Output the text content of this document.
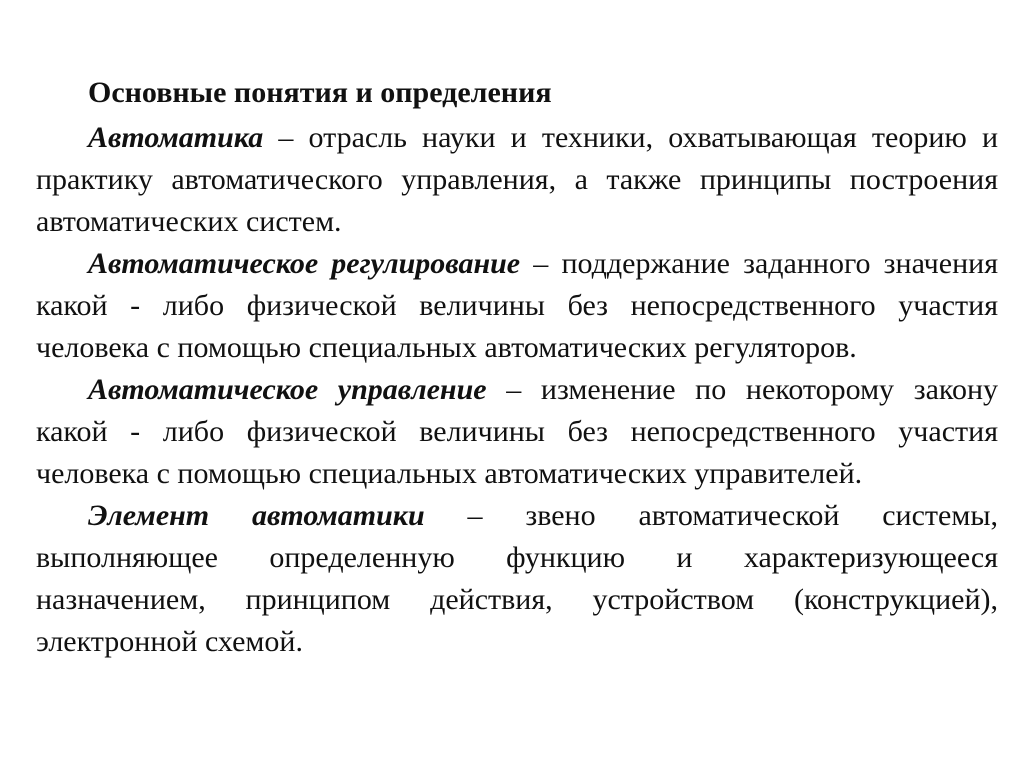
Основные понятия и определения

Автоматика – отрасль науки и техники, охватывающая теорию и практику автоматического управления, а также принципы построения автоматических систем.

Автоматическое регулирование – поддержание заданного значения какой - либо физической величины без непосредственного участия человека с помощью специальных автоматических регуляторов.

Автоматическое управление – изменение по некоторому закону какой - либо физической величины без непосредственного участия человека с помощью специальных автоматических управителей.

Элемент автоматики – звено автоматической системы, выполняющее определенную функцию и характеризующееся назначением, принципом действия, устройством (конструкцией), электронной схемой.
